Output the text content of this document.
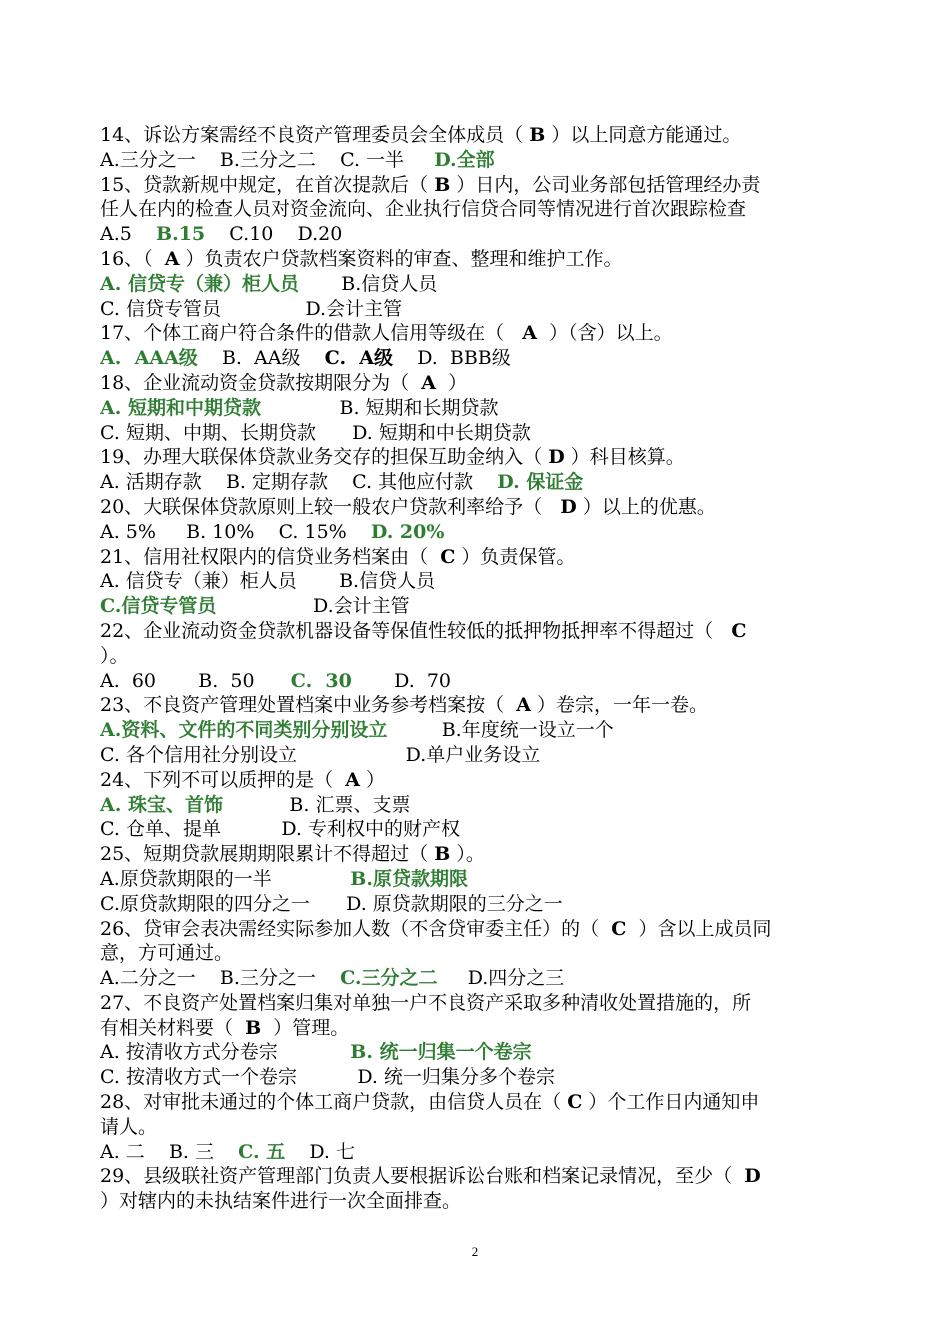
14、诉讼方案需经不良资产管理委员会全体成员（ B ）以上同意方能通过。
A.三分之一    B.三分之二    C. 一半     D.全部
15、贷款新规中规定，在首次提款后（ B ）日内，公司业务部包括管理经办责
任人在内的检查人员对资金流向、企业执行信贷合同等情况进行首次跟踪检查
A.5    B.15    C.10    D.20
16、（  A ）负责农户贷款档案资料的审查、整理和维护工作。
A. 信贷专（兼）柜人员       B.信贷人员
C. 信贷专管员              D.会计主管
17、个体工商户符合条件的借款人信用等级在（   A  ）（含）以上。
A.  AAA级    B.  AA级    C.  A级    D.  BBB级
18、企业流动资金贷款按期限分为（  A  ）
A. 短期和中期贷款             B. 短期和长期贷款
C. 短期、中期、长期贷款      D. 短期和中长期贷款
19、办理大联保体贷款业务交存的担保互助金纳入（ D ）科目核算。
A. 活期存款    B. 定期存款    C. 其他应付款    D. 保证金
20、大联保体贷款原则上较一般农户贷款利率给予（   D ）以上的优惠。
A. 5%     B. 10%    C. 15%    D. 20%
21、信用社权限内的信贷业务档案由（  C ）负责保管。
A. 信贷专（兼）柜人员       B.信贷人员
C.信贷专管员                D.会计主管
22、企业流动资金贷款机器设备等保值性较低的抵押物抵押率不得超过（   C
）。
A.  60       B.  50      C.  30       D.  70
23、不良资产管理处置档案中业务参考档案按（  A ）卷宗，一年一卷。
A.资料、文件的不同类别分别设立         B.年度统一设立一个
C. 各个信用社分别设立                  D.单户业务设立
24、下列不可以质押的是（  A ）
A. 珠宝、首饰           B. 汇票、支票
C. 仓单、提单          D. 专利权中的财产权
25、短期贷款展期期限累计不得超过（ B ）。
A.原贷款期限的一半             B.原贷款期限
C.原贷款期限的四分之一      D. 原贷款期限的三分之一
26、贷审会表决需经实际参加人数（不含贷审委主任）的（  C  ）含以上成员同
意，方可通过。
A.二分之一    B.三分之一    C.三分之二     D.四分之三
27、不良资产处置档案归集对单独一户不良资产采取多种清收处置措施的，所
有相关材料要（  B  ）管理。
A. 按清收方式分卷宗            B. 统一归集一个卷宗
C. 按清收方式一个卷宗          D. 统一归集分多个卷宗
28、对审批未通过的个体工商户贷款，由信贷人员在（ C ）个工作日内通知申
请人。
A. 二    B. 三    C. 五    D. 七
29、县级联社资产管理部门负责人要根据诉讼台账和档案记录情况，至少（  D
）对辖内的未执结案件进行一次全面排查。
2
